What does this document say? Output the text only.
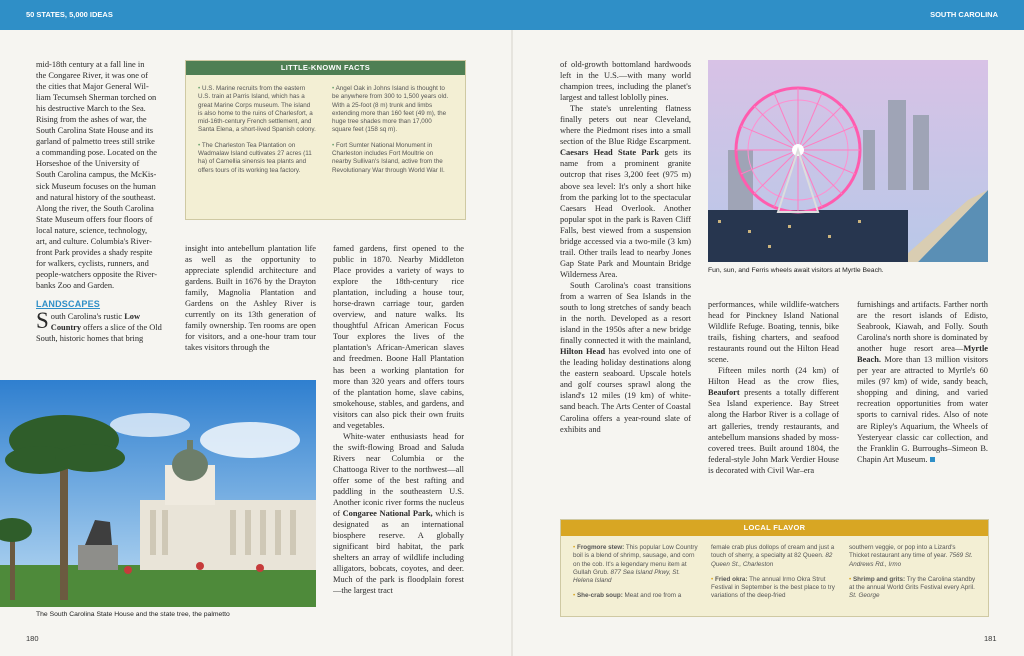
50 STATES, 5,000 IDEAS	SOUTH CAROLINA
mid-18th century at a fall line in
the Congaree River, it was one of
the cities that Major General Wil-
liam Tecumseh Sherman torched on
his destructive March to the Sea.
Rising from the ashes of war, the
South Carolina State House and its
garland of palmetto trees still strike
a commanding pose. Located on the
Horseshoe of the University of
South Carolina campus, the McKis-
sick Museum focuses on the human
and natural history of the southeast.
Along the river, the South Carolina
State Museum offers four floors of
local nature, science, technology,
art, and culture. Columbia's River-
front Park provides a shady respite
for walkers, cyclists, runners, and
people-watchers opposite the River-
banks Zoo and Garden.
LANDSCAPES

South Carolina's rustic Low Country offers a slice of the Old South, historic homes that bring

LITTLE-KNOWN FACTS

• U.S. Marine recruits from the eastern U.S. train at Parris Island, which has a great Marine Corps museum. The island is also home to the ruins of Charlesfort, a mid-16th-century French settlement, and Santa Elena, a short-lived Spanish colony.

• The Charleston Tea Plantation on Wadmalaw Island cultivates 27 acres (11 ha) of Camellia sinensis tea plants and offers tours of its working tea factory.

• Angel Oak in Johns Island is thought to be anywhere from 300 to 1,500 years old. With a 25-foot (8 m) trunk and limbs extending more than 160 feet (49 m), the huge tree shades more than 17,000 square feet (158 sq m).

• Fort Sumter National Monument in Charleston includes Fort Moultrie on nearby Sullivan's Island, active from the Revolutionary War through World War II.

insight into antebellum plantation life as well as the opportunity to appreciate splendid architecture and gardens. Built in 1676 by the Drayton family, Magnolia Plantation and Gardens on the Ashley River is currently on its 13th generation of family ownership. Ten rooms are open for visitors, and a one-hour tram tour takes visitors through the

famed gardens, first opened to the public in 1870. Nearby Middleton Place provides a variety of ways to explore the 18th-century rice plantation, including a house tour, horse-drawn carriage tour, garden overview, and nature walks. Its thoughtful African American Focus Tour explores the lives of the plantation's African-American slaves and freedmen. Boone Hall Plantation has been a working plantation for more than 320 years and offers tours of the plantation home, slave cabins, smokehouse, stables, and gardens, and visitors can also pick their own fruits and vegetables.

White-water enthusiasts head for the swift-flowing Broad and Saluda Rivers near Columbia or the Chattooga River to the northwest—all offer some of the best rafting and paddling in the southeastern U.S. Another iconic river forms the nucleus of Congaree National Park, which is designated as an international biosphere reserve. A globally significant bird habitat, the park shelters an array of wildlife including alligators, bobcats, coyotes, and deer. Much of the park is floodplain forest—the largest tract

The South Carolina State House and the state tree, the palmetto

of old-growth bottomland hardwoods left in the U.S.—with many world champion trees, including the planet's largest and tallest loblolly pines.

The state's unrelenting flatness finally peters out near Cleveland, where the Piedmont rises into a small section of the Blue Ridge Escarpment. Caesars Head State Park gets its name from a prominent granite outcrop that rises 3,200 feet (975 m) above sea level: It's only a short hike from the parking lot to the spectacular Caesars Head Overlook. Another popular spot in the park is Raven Cliff Falls, best viewed from a suspension bridge accessed via a two-mile (3 km) trail. Other trails lead to nearby Jones Gap State Park and Mountain Bridge Wilderness Area.

South Carolina's coast transitions from a warren of Sea Islands in the south to long stretches of sandy beach in the north. Developed as a resort island in the 1950s after a new bridge finally connected it with the mainland, Hilton Head has evolved into one of the leading holiday destinations along the eastern seaboard. Upscale hotels and golf courses sprawl along the island's 12 miles (19 km) of white-sand beach. The Arts Center of Coastal Carolina offers a year-round slate of exhibits and

Fun, sun, and Ferris wheels await visitors at Myrtle Beach.

performances, while wildlife-watchers head for Pinckney Island National Wildlife Refuge. Boating, tennis, bike trails, fishing charters, and seafood restaurants round out the Hilton Head scene.

Fifteen miles north (24 km) of Hilton Head as the crow flies, Beaufort presents a totally different Sea Island experience. Bay Street along the Harbor River is a collage of art galleries, trendy restaurants, and antebellum mansions shaded by moss-covered trees. Built around 1804, the federal-style John Mark Verdier House is decorated with Civil War–era

furnishings and artifacts. Farther north are the resort islands of Edisto, Seabrook, Kiawah, and Folly. South Carolina's north shore is dominated by another huge resort area—Myrtle Beach. More than 13 million visitors per year are attracted to Myrtle's 60 miles (97 km) of wide, sandy beach, shopping and dining, and varied recreation opportunities from water sports to carnival rides. Also of note are Ripley's Aquarium, the Wheels of Yesteryear classic car collection, and the Franklin G. Burroughs–Simeon B. Chapin Art Museum.

LOCAL FLAVOR

• Frogmore stew: This popular Low Country boil is a blend of shrimp, sausage, and corn on the cob. It's a legendary menu item at Gullah Grub. 877 Sea Island Pkwy, St. Helena Island

• She-crab soup: Meat and roe from a

female crab plus dollops of cream and just a touch of sherry, a specialty at 82 Queen. 82 Queen St., Charleston

• Fried okra: The annual Irmo Okra Strut Festival in September is the best place to try variations of the deep-fried

southern veggie, or pop into a Lizard's Thicket restaurant any time of year. 7569 St. Andrews Rd., Irmo

• Shrimp and grits: Try the Carolina standby at the annual World Grits Festival every April. St. George

180	181
